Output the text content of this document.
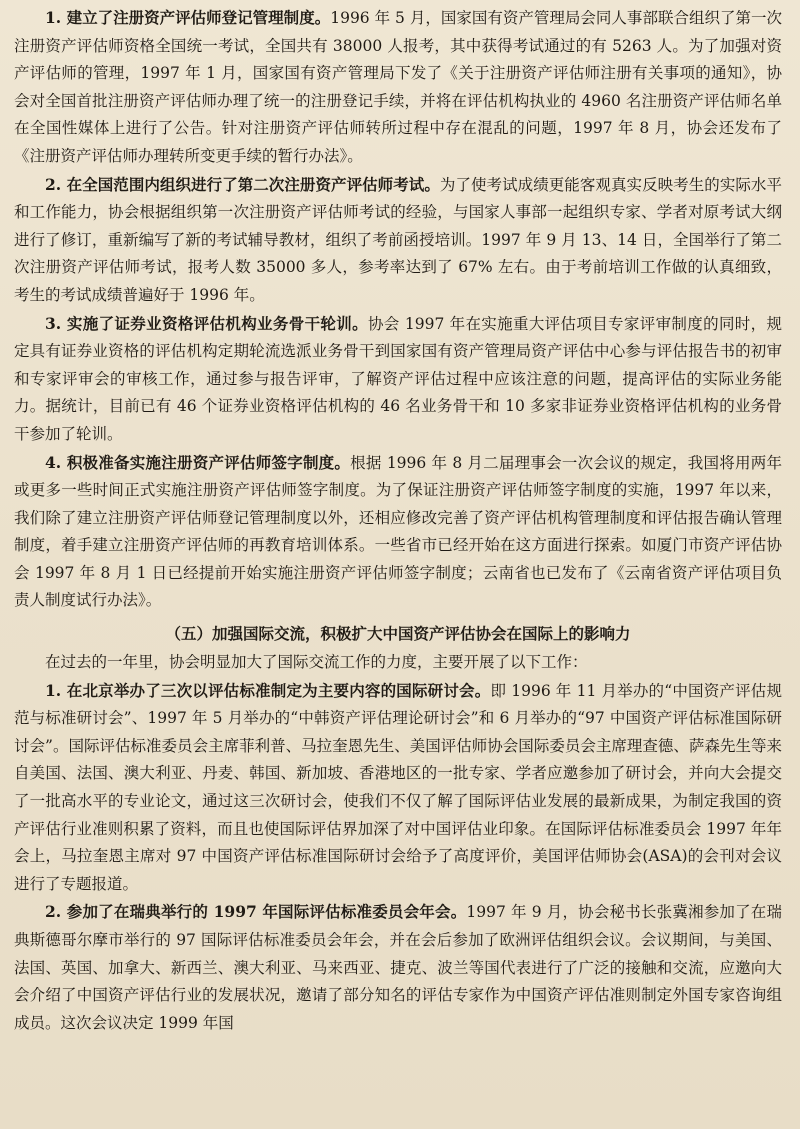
1. 建立了注册资产评估师登记管理制度。1996 年 5 月，国家国有资产管理局会同人事部联合组织了第一次注册资产评估师资格全国统一考试，全国共有 38000 人报考，其中获得考试通过的有 5263 人。为了加强对资产评估师的管理，1997 年 1 月，国家国有资产管理局下发了《关于注册资产评估师注册有关事项的通知》，协会对全国首批注册资产评估师办理了统一的注册登记手续，并将在评估机构执业的 4960 名注册资产评估师名单在全国性媒体上进行了公告。针对注册资产评估师转所过程中存在混乱的问题，1997 年 8 月，协会还发布了《注册资产评估师办理转所变更手续的暂行办法》。

2. 在全国范围内组织进行了第二次注册资产评估师考试。为了使考试成绩更能客观真实反映考生的实际水平和工作能力，协会根据组织第一次注册资产评估师考试的经验，与国家人事部一起组织专家、学者对原考试大纲进行了修订，重新编写了新的考试辅导教材，组织了考前函授培训。1997 年 9 月 13、14 日，全国举行了第二次注册资产评估师考试，报考人数 35000 多人，参考率达到了 67% 左右。由于考前培训工作做的认真细致，考生的考试成绩普遍好于 1996 年。

3. 实施了证券业资格评估机构业务骨干轮训。协会 1997 年在实施重大评估项目专家评审制度的同时，规定具有证券业资格的评估机构定期轮流选派业务骨干到国家国有资产管理局资产评估中心参与评估报告书的初审和专家评审会的审核工作，通过参与报告评审，了解资产评估过程中应该注意的问题，提高评估的实际业务能力。据统计，目前已有 46 个证券业资格评估机构的 46 名业务骨干和 10 多家非证券业资格评估机构的业务骨干参加了轮训。

4. 积极准备实施注册资产评估师签字制度。根据 1996 年 8 月二届理事会一次会议的规定，我国将用两年或更多一些时间正式实施注册资产评估师签字制度。为了保证注册资产评估师签字制度的实施，1997 年以来，我们除了建立注册资产评估师登记管理制度以外，还相应修改完善了资产评估机构管理制度和评估报告确认管理制度，着手建立注册资产评估师的再教育培训体系。一些省市已经开始在这方面进行探索。如厦门市资产评估协会 1997 年 8 月 1 日已经提前开始实施注册资产评估师签字制度；云南省也已发布了《云南省资产评估项目负责人制度试行办法》。

（五）加强国际交流，积极扩大中国资产评估协会在国际上的影响力

在过去的一年里，协会明显加大了国际交流工作的力度，主要开展了以下工作：

1. 在北京举办了三次以评估标准制定为主要内容的国际研讨会。即 1996 年 11 月举办的“中国资产评估规范与标准研讨会”、1997 年 5 月举办的“中韩资产评估理论研讨会”和 6 月举办的“97 中国资产评估标准国际研讨会”。国际评估标准委员会主席菲利普、马拉奎恩先生、美国评估师协会国际委员会主席理查德、萨森先生等来自美国、法国、澳大利亚、丹麦、韩国、新加坡、香港地区的一批专家、学者应邀参加了研讨会，并向大会提交了一批高水平的专业论文，通过这三次研讨会，使我们不仅了解了国际评估业发展的最新成果，为制定我国的资产评估行业准则积累了资料，而且也使国际评估界加深了对中国评估业印象。在国际评估标准委员会 1997 年年会上，马拉奎恩主席对 97 中国资产评估标准国际研讨会给予了高度评价，美国评估师协会(ASA)的会刊对会议进行了专题报道。

2. 参加了在瑞典举行的 1997 年国际评估标准委员会年会。1997 年 9 月，协会秘书长张冀湘参加了在瑞典斯德哥尔摩市举行的 97 国际评估标准委员会年会，并在会后参加了欧洲评估组织会议。会议期间，与美国、法国、英国、加拿大、新西兰、澳大利亚、马来西亚、捷克、波兰等国代表进行了广泛的接触和交流，应邀向大会介绍了中国资产评估行业的发展状况，邀请了部分知名的评估专家作为中国资产评估准则制定外国专家咨询组成员。这次会议决定 1999 年国
